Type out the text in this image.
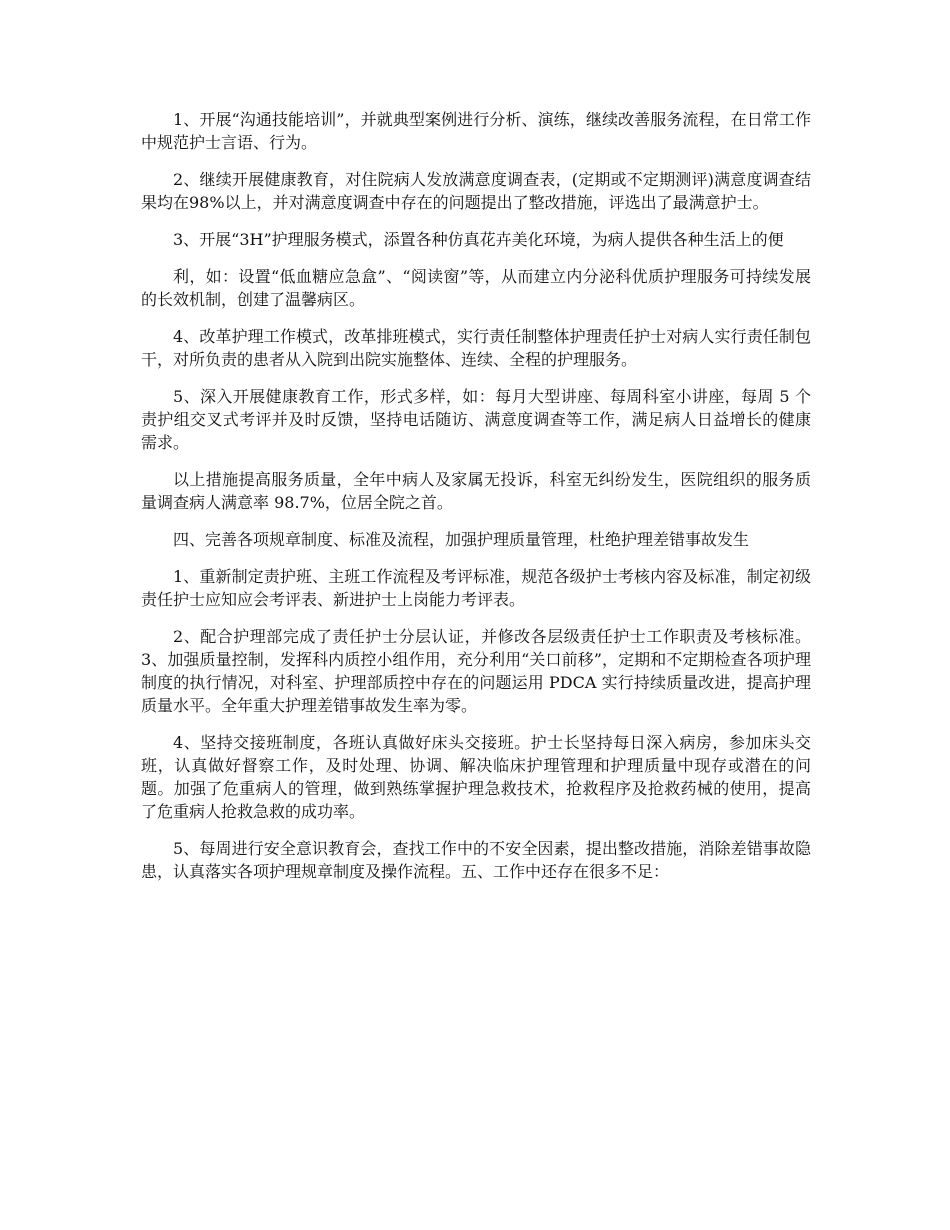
1、开展“沟通技能培训”，并就典型案例进行分析、演练，继续改善服务流程，在日常工作中规范护士言语、行为。

2、继续开展健康教育，对住院病人发放满意度调查表，(定期或不定期测评)满意度调查结果均在98%以上，并对满意度调查中存在的问题提出了整改措施，评选出了最满意护士。

3、开展“3H”护理服务模式，添置各种仿真花卉美化环境，为病人提供各种生活上的便

利，如：设置“低血糖应急盒”、“阅读窗”等，从而建立内分泌科优质护理服务可持续发展的长效机制，创建了温馨病区。

4、改革护理工作模式，改革排班模式，实行责任制整体护理责任护士对病人实行责任制包干，对所负责的患者从入院到出院实施整体、连续、全程的护理服务。

5、深入开展健康教育工作，形式多样，如：每月大型讲座、每周科室小讲座，每周 5 个责护组交叉式考评并及时反馈，坚持电话随访、满意度调查等工作，满足病人日益增长的健康需求。

以上措施提高服务质量，全年中病人及家属无投诉，科室无纠纷发生，医院组织的服务质量调查病人满意率 98.7%，位居全院之首。

四、完善各项规章制度、标准及流程，加强护理质量管理，杜绝护理差错事故发生

1、重新制定责护班、主班工作流程及考评标准，规范各级护士考核内容及标准，制定初级责任护士应知应会考评表、新进护士上岗能力考评表。

2、配合护理部完成了责任护士分层认证，并修改各层级责任护士工作职责及考核标准。3、加强质量控制，发挥科内质控小组作用，充分利用“关口前移”，定期和不定期检查各项护理制度的执行情况，对科室、护理部质控中存在的问题运用 PDCA 实行持续质量改进，提高护理质量水平。全年重大护理差错事故发生率为零。

4、坚持交接班制度，各班认真做好床头交接班。护士长坚持每日深入病房，参加床头交班，认真做好督察工作，及时处理、协调、解决临床护理管理和护理质量中现存或潜在的问题。加强了危重病人的管理，做到熟练掌握护理急救技术，抢救程序及抢救药械的使用，提高了危重病人抢救急救的成功率。

5、每周进行安全意识教育会，查找工作中的不安全因素，提出整改措施，消除差错事故隐患，认真落实各项护理规章制度及操作流程。五、工作中还存在很多不足：
